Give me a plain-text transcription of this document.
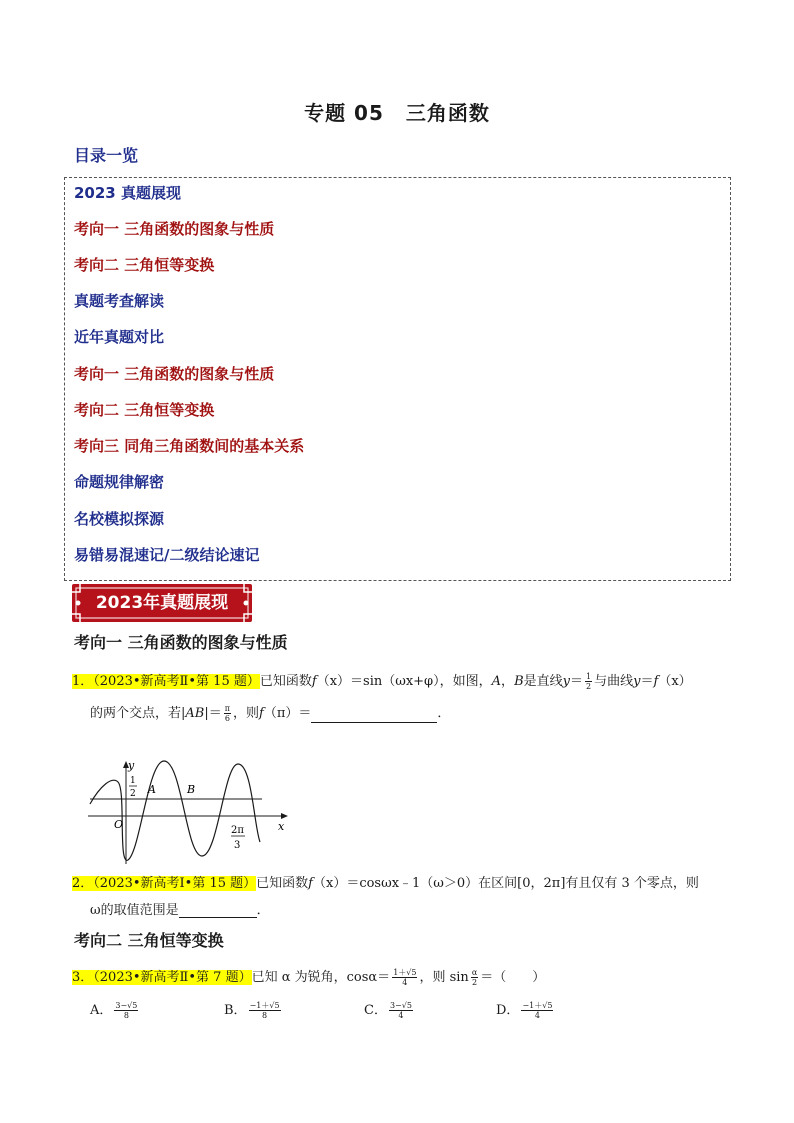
专题 05 三角函数
目录一览
2023 真题展现
考向一 三角函数的图象与性质
考向二 三角恒等变换
真题考查解读
近年真题对比
考向一 三角函数的图象与性质
考向二 三角恒等变换
考向三 同角三角函数间的基本关系
命题规律解密
名校模拟探源
易错易混速记/二级结论速记
2023年真题展现
考向一 三角函数的图象与性质
1．（2023•新高考Ⅱ•第 15 题）已知函数f（x）＝sin（ωx+φ），如图，A，B是直线$y= \frac{1}{2}$ 与曲线y＝f（x）
的两个交点，若$|AB|= \frac{\pi}{6}$ ，则f（π）＝	．
y
x
O
1
2 A	B
2π
3
2．（2023•新高考Ⅰ•第 15 题）已知函数f（x）＝cosωx﹣1（ω＞0）在区间[0，2π]有且仅有 3 个零点，则
ω的取值范围是	．
考向二 三角恒等变换
3．（2023•新高考Ⅱ•第 7 题）已知 α 为锐角，$\cos\alpha= \frac{1+√5}{4}$ ，则 $\sin \frac{\alpha}{2}$ ＝（　　）
A． $\frac{3-√5}{8}$	B． $\frac{-1+√5}{8}$	C． $\frac{3-√5}{4}$	D． $\frac{-1+√5}{4}$
